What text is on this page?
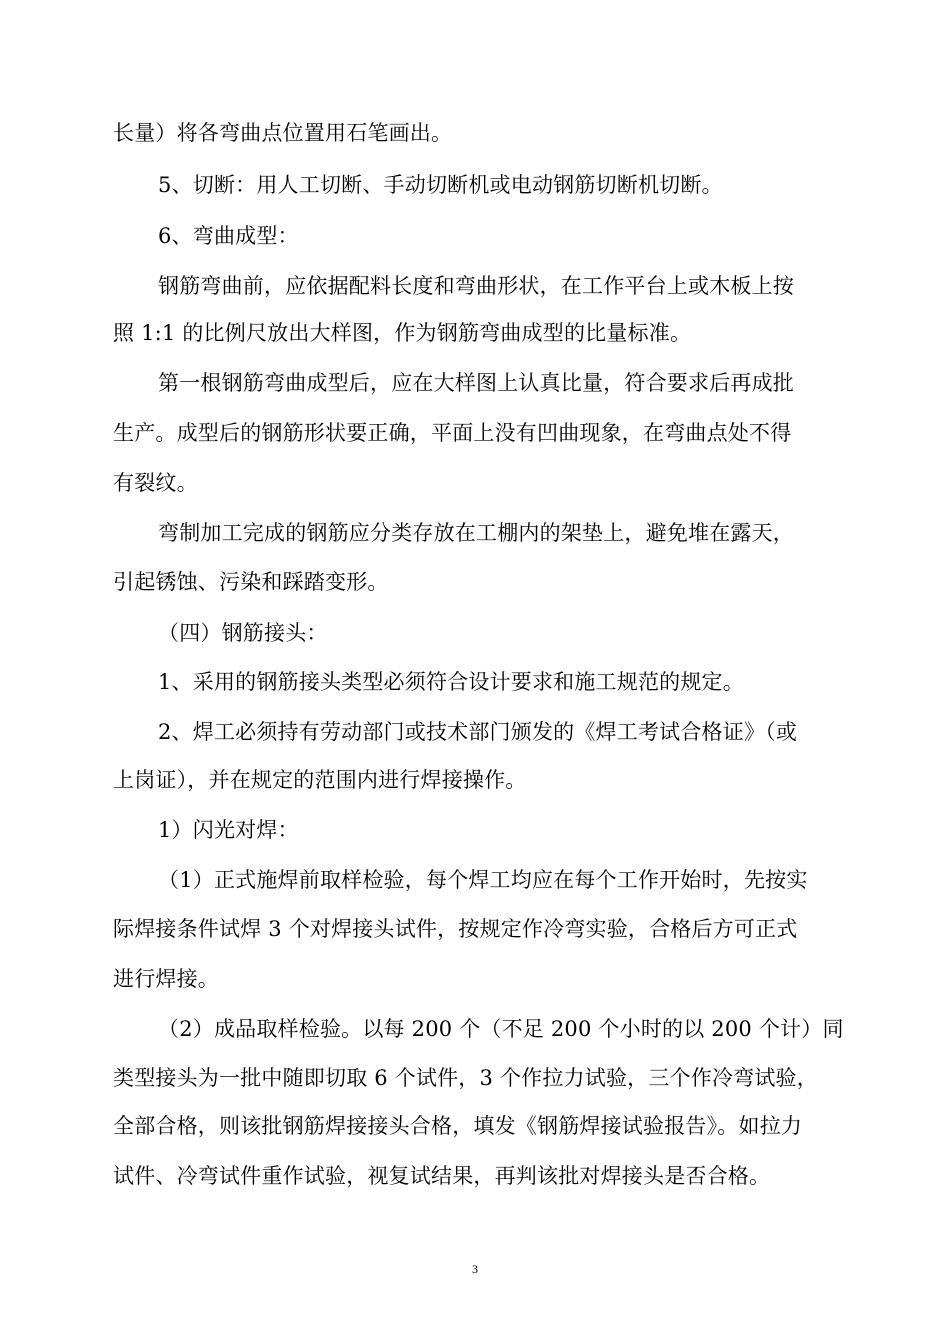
长量）将各弯曲点位置用石笔画出。
5、切断：用人工切断、手动切断机或电动钢筋切断机切断。
6、弯曲成型：
钢筋弯曲前，应依据配料长度和弯曲形状，在工作平台上或木板上按
照 1:1 的比例尺放出大样图，作为钢筋弯曲成型的比量标准。
第一根钢筋弯曲成型后，应在大样图上认真比量，符合要求后再成批
生产。成型后的钢筋形状要正确，平面上没有凹曲现象，在弯曲点处不得
有裂纹。
弯制加工完成的钢筋应分类存放在工棚内的架垫上，避免堆在露天，
引起锈蚀、污染和踩踏变形。
（四）钢筋接头：
1、采用的钢筋接头类型必须符合设计要求和施工规范的规定。
2、焊工必须持有劳动部门或技术部门颁发的《焊工考试合格证》（或
上岗证），并在规定的范围内进行焊接操作。
1）闪光对焊：
（1）正式施焊前取样检验，每个焊工均应在每个工作开始时，先按实
际焊接条件试焊 3 个对焊接头试件，按规定作冷弯实验，合格后方可正式
进行焊接。
（2）成品取样检验。以每 200 个（不足 200 个小时的以 200 个计）同
类型接头为一批中随即切取 6 个试件，3 个作拉力试验，三个作冷弯试验，
全部合格，则该批钢筋焊接接头合格，填发《钢筋焊接试验报告》。如拉力
试件、冷弯试件重作试验，视复试结果，再判该批对焊接头是否合格。
3
